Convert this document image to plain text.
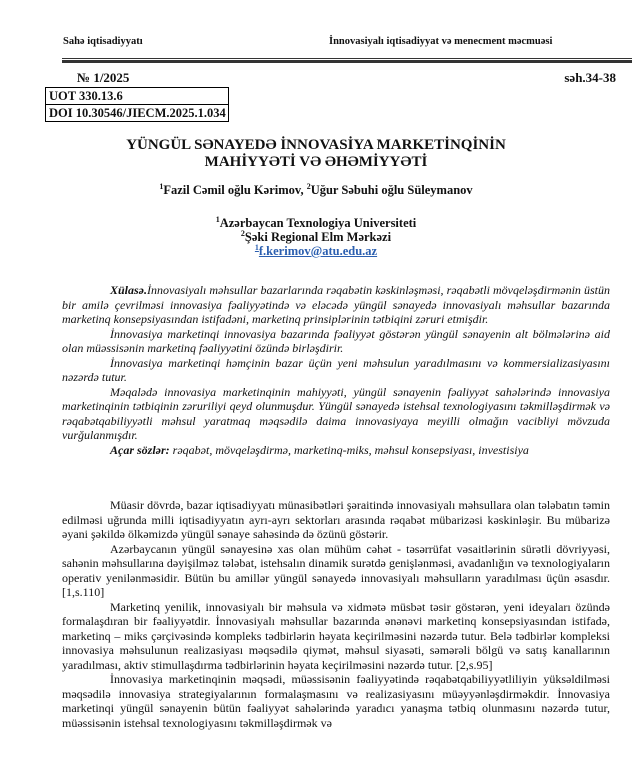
Sahə iqtisadiyyatı	İnnovasiyalı iqtisadiyyat və menecment məcmuəsi
№ 1/2025	səh.34-38
UOT 330.13.6
DOI 10.30546/JIECM.2025.1.034
YÜNGÜL SƏNAYEDƏ İNNOVASİYA MARKETİNQİNİN
MAHİYYƏTİ VƏ ƏHƏMİYYƏTİ
$^1$Fazil Cəmil oğlu Kərimov, $^2$Uğur Səbuhi oğlu Süleymanov
$^1$Azərbaycan Texnologiya Universiteti
$^2$Şəki Regional Elm Mərkəzi
$^1$f.kerimov@atu.edu.az

Xülasə.İnnovasiyalı məhsullar bazarlarında rəqabətin kəskinləşməsi, rəqabətli mövqeləşdirmənin üstün bir amilə çevrilməsi innovasiya fəaliyyətində və eləcədə yüngül sənayedə innovasiyalı məhsullar bazarında marketinq konsepsiyasından istifadəni, marketinq prinsiplərinin tətbiqini zəruri etmişdir.

İnnovasiya marketinqi innovasiya bazarında fəaliyyət göstərən yüngül sənayenin alt bölmələrinə aid olan müəssisənin marketinq fəaliyyətini özündə birləşdirir.

İnnovasiya marketinqi həmçinin bazar üçün yeni məhsulun yaradılmasını və kommersializasiyasını nəzərdə tutur.

Məqalədə innovasiya marketinqinin mahiyyəti, yüngül sənayenin fəaliyyət sahələrində innovasiya marketinqinin tətbiqinin zəruriliyi qeyd olunmuşdur. Yüngül sənayedə istehsal texnologiyasını təkmilləşdirmək və rəqabətqabiliyyətli məhsul yaratmaq məqsədilə daima innovasiyaya meyilli olmağın vacibliyi mövzuda vurğulanmışdır.

Açar sözlər: rəqabət, mövqeləşdirmə, marketinq-miks, məhsul konsepsiyası, investisiya

Müasir dövrdə, bazar iqtisadiyyatı münasibətləri şəraitində innovasiyalı məhsullara olan tələbatın təmin edilməsi uğrunda milli iqtisadiyyatın ayrı-ayrı sektorları arasında rəqabət mübarizəsi kəskinləşir. Bu mübarizə əyani şəkildə ölkəmizdə yüngül sənaye sahəsində də özünü göstərir.

Azərbaycanın yüngül sənayesinə xas olan mühüm cəhət - təsərrüfat vəsaitlərinin sürətli dövriyyəsi, sahənin məhsullarına dəyişilməz tələbat, istehsalın dinamik surətdə genişlənməsi, avadanlığın və texnologiyaların operativ yenilənməsidir. Bütün bu amillər yüngül sənayedə innovasiyalı məhsulların yaradılması üçün əsasdır. [1,s.110]

Marketinq yenilik, innovasiyalı bir məhsula və xidmətə müsbət təsir göstərən, yeni ideyaları özündə formalaşdıran bir fəaliyyətdir. İnnovasiyalı məhsullar bazarında ənənəvi marketinq konsepsiyasından istifadə, marketinq – miks çərçivəsində kompleks tədbirlərin həyata keçirilməsini nəzərdə tutur. Belə tədbirlər kompleksi innovasiya məhsulunun realizasiyası məqsədilə qiymət, məhsul siyasəti, səmərəli bölgü və satış kanallarının yaradılması, aktiv stimullaşdırma tədbirlərinin həyata keçirilməsini nəzərdə tutur. [2,s.95]

İnnovasiya marketinqinin məqsədi, müəssisənin fəaliyyətində rəqabətqabiliyyətliliyin yüksəldilməsi məqsədilə innovasiya strategiyalarının formalaşmasını və realizasiyasını müəyyənləşdirməkdir. İnnovasiya marketinqi yüngül sənayenin bütün fəaliyyət sahələrində yaradıcı yanaşma tətbiq olunmasını nəzərdə tutur, müəssisənin istehsal texnologiyasını təkmilləşdirmək və
